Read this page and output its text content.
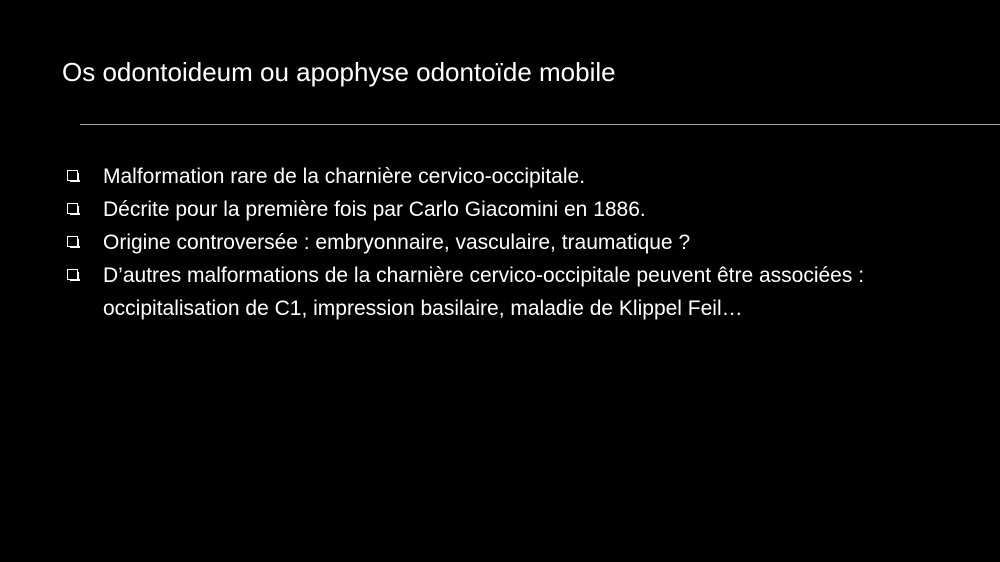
Os odontoideum ou apophyse odontoïde mobile
Malformation rare de la charnière cervico-occipitale.
Décrite pour la première fois par Carlo Giacomini en 1886.
Origine controversée : embryonnaire, vasculaire, traumatique ?
D’autres malformations de la charnière cervico-occipitale peuvent être associées : occipitalisation de C1, impression basilaire, maladie de Klippel Feil…
